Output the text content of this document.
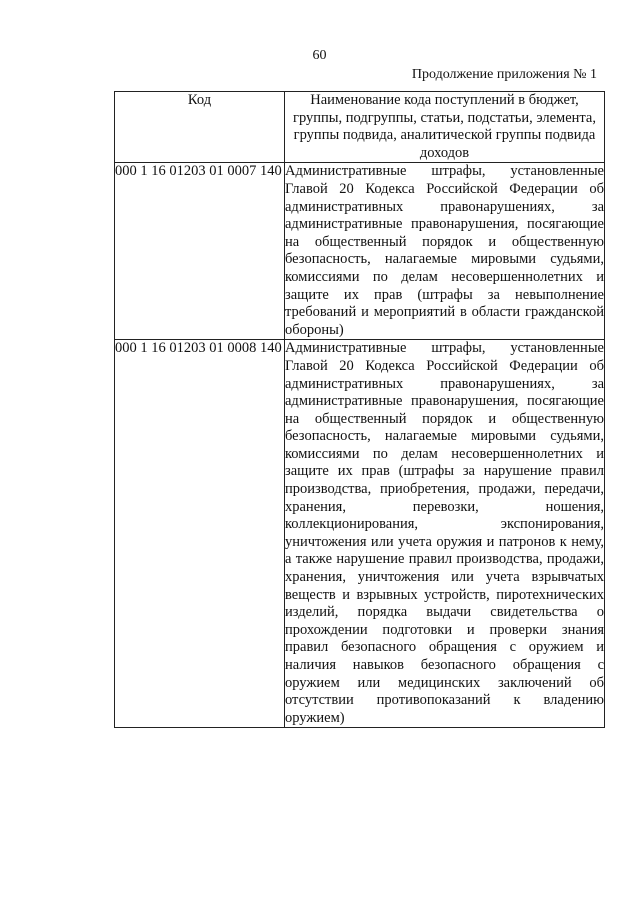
60
Продолжение приложения № 1
Код	Наименование кода поступлений в бюджет, группы, подгруппы, статьи, подстатьи, элемента, группы подвида, аналитической группы подвида доходов
000 1 16 01203 01 0007 140	Административные штрафы, установленные Главой 20 Кодекса Российской Федерации об административных правонарушениях, за административные правонарушения, посягающие на общественный порядок и общественную безопасность, налагаемые мировыми судьями, комиссиями по делам несовершеннолетних и защите их прав (штрафы за невыполнение требований и мероприятий в области гражданской обороны)
000 1 16 01203 01 0008 140	Административные штрафы, установленные Главой 20 Кодекса Российской Федерации об административных правонарушениях, за административные правонарушения, посягающие на общественный порядок и общественную безопасность, налагаемые мировыми судьями, комиссиями по делам несовершеннолетних и защите их прав (штрафы за нарушение правил производства, приобретения, продажи, передачи, хранения, перевозки, ношения, коллекционирования, экспонирования, уничтожения или учета оружия и патронов к нему, а также нарушение правил производства, продажи, хранения, уничтожения или учета взрывчатых веществ и взрывных устройств, пиротехнических изделий, порядка выдачи свидетельства о прохождении подготовки и проверки знания правил безопасного обращения с оружием и наличия навыков безопасного обращения с оружием или медицинских заключений об отсутствии противопоказаний к владению оружием)
